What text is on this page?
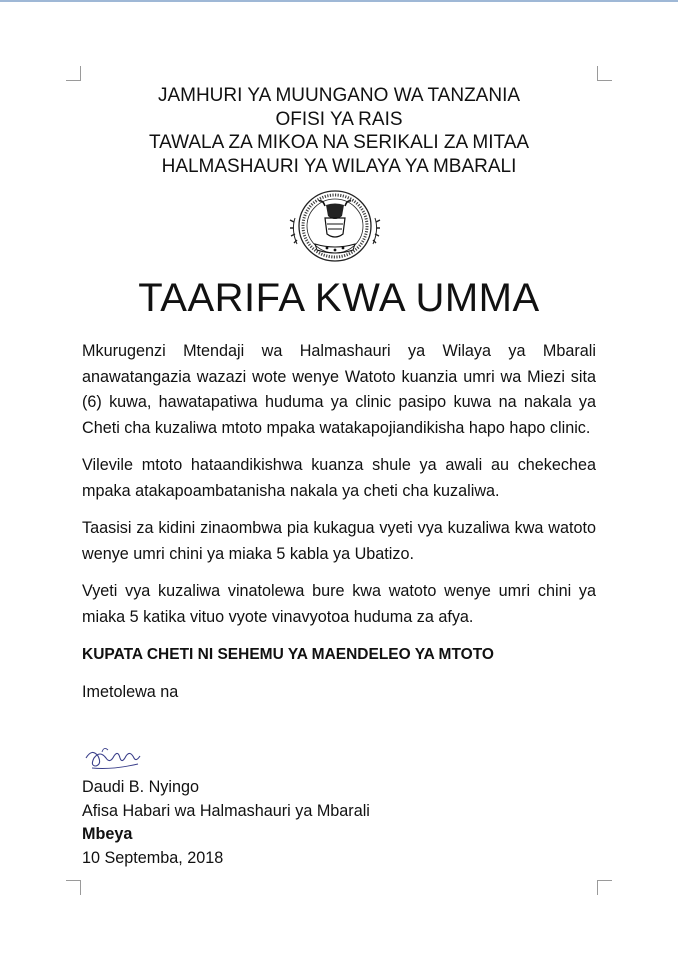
JAMHURI YA MUUNGANO WA TANZANIA
OFISI YA RAIS
TAWALA ZA MIKOA NA SERIKALI ZA MITAA
HALMASHAURI YA WILAYA YA MBARALI
TAARIFA KWA UMMA

Mkurugenzi Mtendaji wa Halmashauri ya Wilaya ya Mbarali anawatangazia wazazi wote wenye Watoto kuanzia umri wa Miezi sita (6) kuwa, hawatapatiwa huduma ya clinic pasipo kuwa na nakala ya Cheti cha kuzaliwa mtoto mpaka watakapojiandikisha hapo hapo clinic.

Vilevile mtoto hataandikishwa kuanza shule ya awali au chekechea mpaka atakapoambatanisha nakala ya cheti cha kuzaliwa.

Taasisi za kidini zinaombwa pia kukagua vyeti vya kuzaliwa kwa watoto wenye umri chini ya miaka 5 kabla ya Ubatizo.

Vyeti vya kuzaliwa vinatolewa bure kwa watoto wenye umri chini ya miaka 5 katika vituo vyote vinavyotoa huduma za afya.

KUPATA CHETI NI SEHEMU YA MAENDELEO YA MTOTO

Imetolewa na

Daudi B. Nyingo
Afisa Habari wa Halmashauri ya Mbarali
Mbeya
10 Septemba, 2018
